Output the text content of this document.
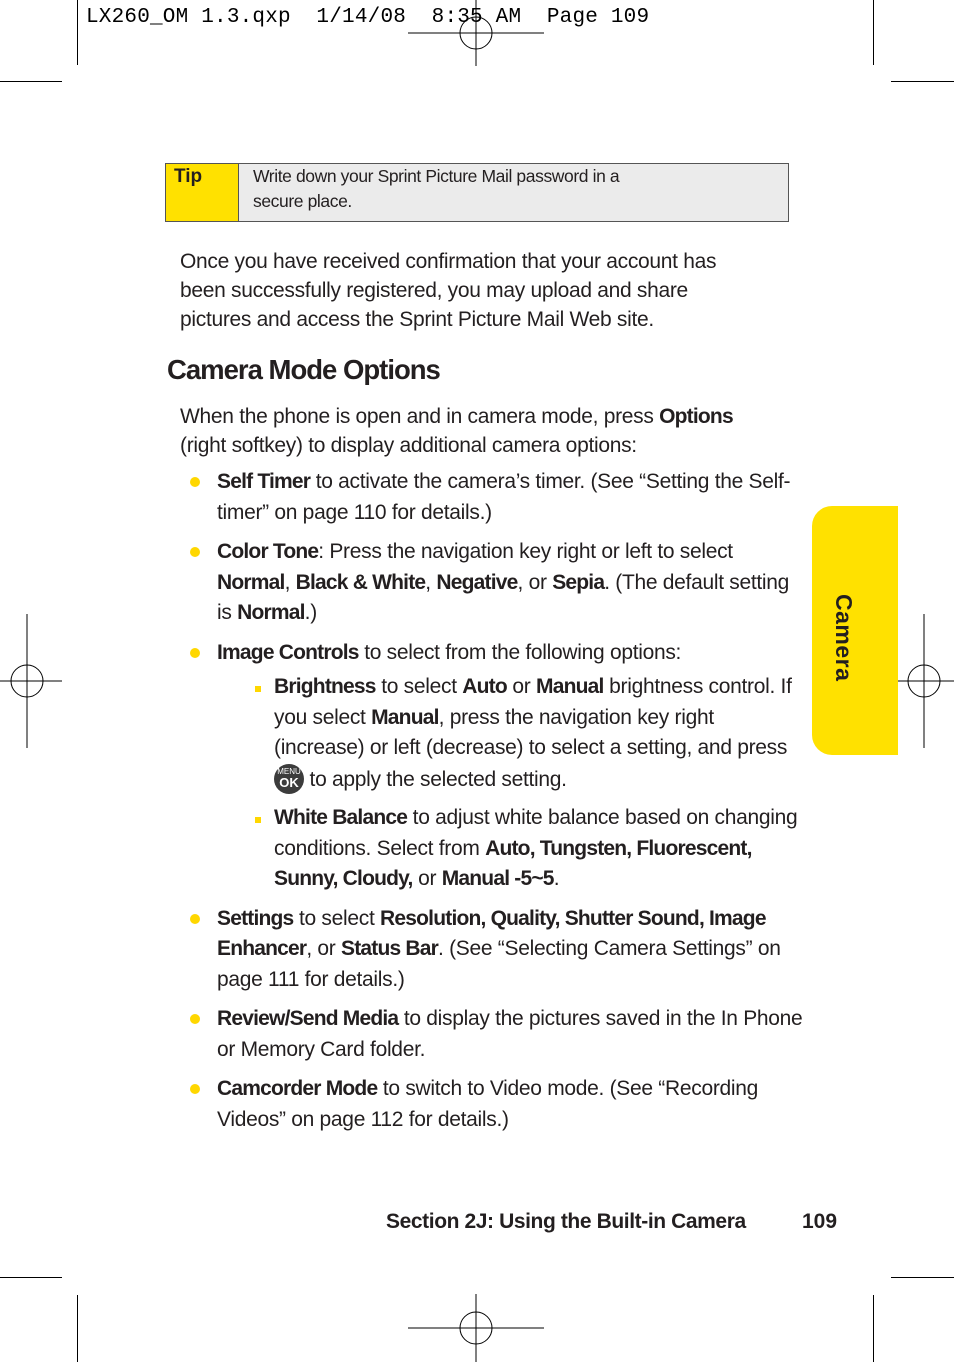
LX260_OM 1.3.qxp  1/14/08  8:35 AM  Page 109
Tip	Write down your Sprint Picture Mail password in a
secure place.
Once you have received confirmation that your account has
been successfully registered, you may upload and share
pictures and access the Sprint Picture Mail Web site.
Camera Mode Options
When the phone is open and in camera mode, press Options
(right softkey) to display additional camera options:
Self Timer to activate the camera’s timer. (See “Setting the Self-timer” on page 110 for details.)
Color Tone: Press the navigation key right or left to select Normal, Black & White, Negative, or Sepia. (The default setting is Normal.)
Image Controls to select from the following options:
Brightness to select Auto or Manual brightness control. If you select Manual, press the navigation key right (increase) or left (decrease) to select a setting, and press
MENU
OK to apply the selected setting.
White Balance to adjust white balance based on changing conditions. Select from Auto, Tungsten, Fluorescent, Sunny, Cloudy, or Manual -5~5.
Settings to select Resolution, Quality, Shutter Sound, Image Enhancer, or Status Bar. (See “Selecting Camera Settings” on page 111 for details.)
Review/Send Media to display the pictures saved in the In Phone or Memory Card folder.
Camcorder Mode to switch to Video mode. (See “Recording Videos” on page 112 for details.)
Camera
Section 2J: Using the Built-in Camera	109
